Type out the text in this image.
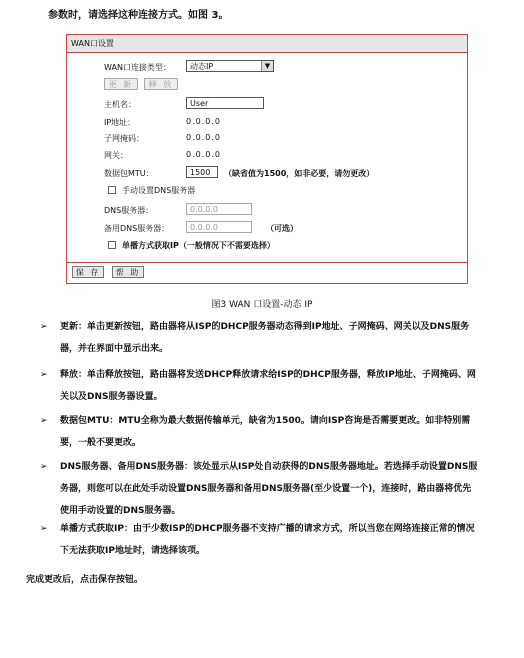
参数时，请选择这种连接方式。如图 3。
WAN口设置
WAN口连接类型：	动态IP	▼
更 新	释 放
主机名：	User
IP地址：	0.0.0.0
子网掩码：	0.0.0.0
网关：	0.0.0.0
数据包MTU：	1500	（缺省值为1500，如非必要，请勿更改）
手动设置DNS服务器
DNS服务器：	0.0.0.0
备用DNS服务器：	0.0.0.0	（可选）
单播方式获取IP（一般情况下不需要选择）
保 存	帮 助
图3 WAN 口设置-动态 IP
➢ 更新：单击更新按钮，路由器将从ISP的DHCP服务器动态得到IP地址、子网掩码、网关以及DNS服务器，并在界面中显示出来。
➢ 释放：单击释放按钮，路由器将发送DHCP释放请求给ISP的DHCP服务器，释放IP地址、子网掩码、网关以及DNS服务器设置。
➢ 数据包MTU：MTU全称为最大数据传输单元，缺省为1500。请向ISP咨询是否需要更改。如非特别需要，一般不要更改。
➢ DNS服务器、备用DNS服务器：该处显示从ISP处自动获得的DNS服务器地址。若选择手动设置DNS服务器，则您可以在此处手动设置DNS服务器和备用DNS服务器(至少设置一个)，连接时，路由器将优先使用手动设置的DNS服务器。
➢ 单播方式获取IP：由于少数ISP的DHCP服务器不支持广播的请求方式，所以当您在网络连接正常的情况下无法获取IP地址时，请选择该项。
完成更改后，点击保存按钮。
